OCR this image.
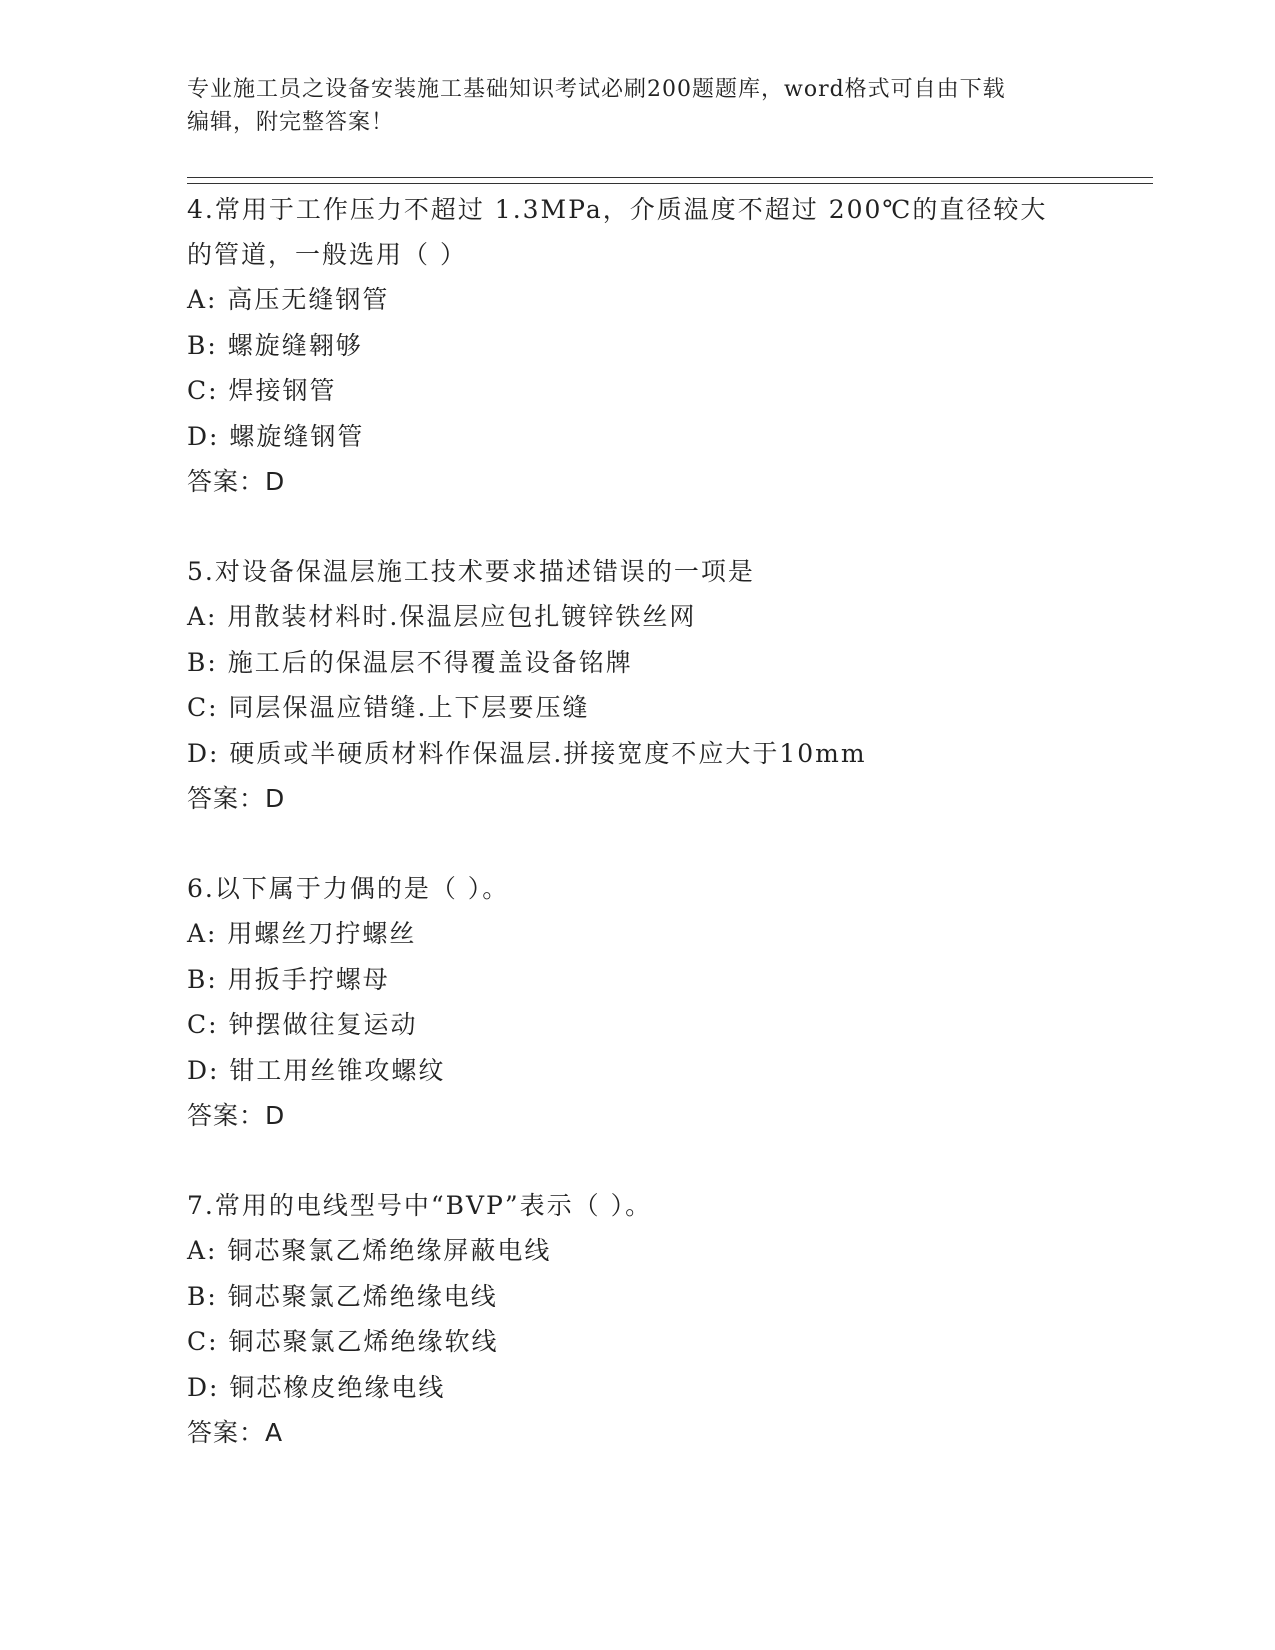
专业施工员之设备安装施工基础知识考试必刷200题题库，word格式可自由下载
编辑，附完整答案！
4.常用于工作压力不超过 1.3MPa，介质温度不超过 200℃的直径较大
的管道，一般选用（ ）
A: 高压无缝钢管
B: 螺旋缝翱够
C: 焊接钢管
D: 螺旋缝钢管
答案：D
5.对设备保温层施工技术要求描述错误的一项是
A: 用散装材料时.保温层应包扎镀锌铁丝网
B: 施工后的保温层不得覆盖设备铭牌
C: 同层保温应错缝.上下层要压缝
D: 硬质或半硬质材料作保温层.拼接宽度不应大于10mm
答案：D
6.以下属于力偶的是（ ）。
A: 用螺丝刀拧螺丝
B: 用扳手拧螺母
C: 钟摆做往复运动
D: 钳工用丝锥攻螺纹
答案：D
7.常用的电线型号中“BVP”表示（ ）。
A: 铜芯聚氯乙烯绝缘屏蔽电线
B: 铜芯聚氯乙烯绝缘电线
C: 铜芯聚氯乙烯绝缘软线
D: 铜芯橡皮绝缘电线
答案：A
